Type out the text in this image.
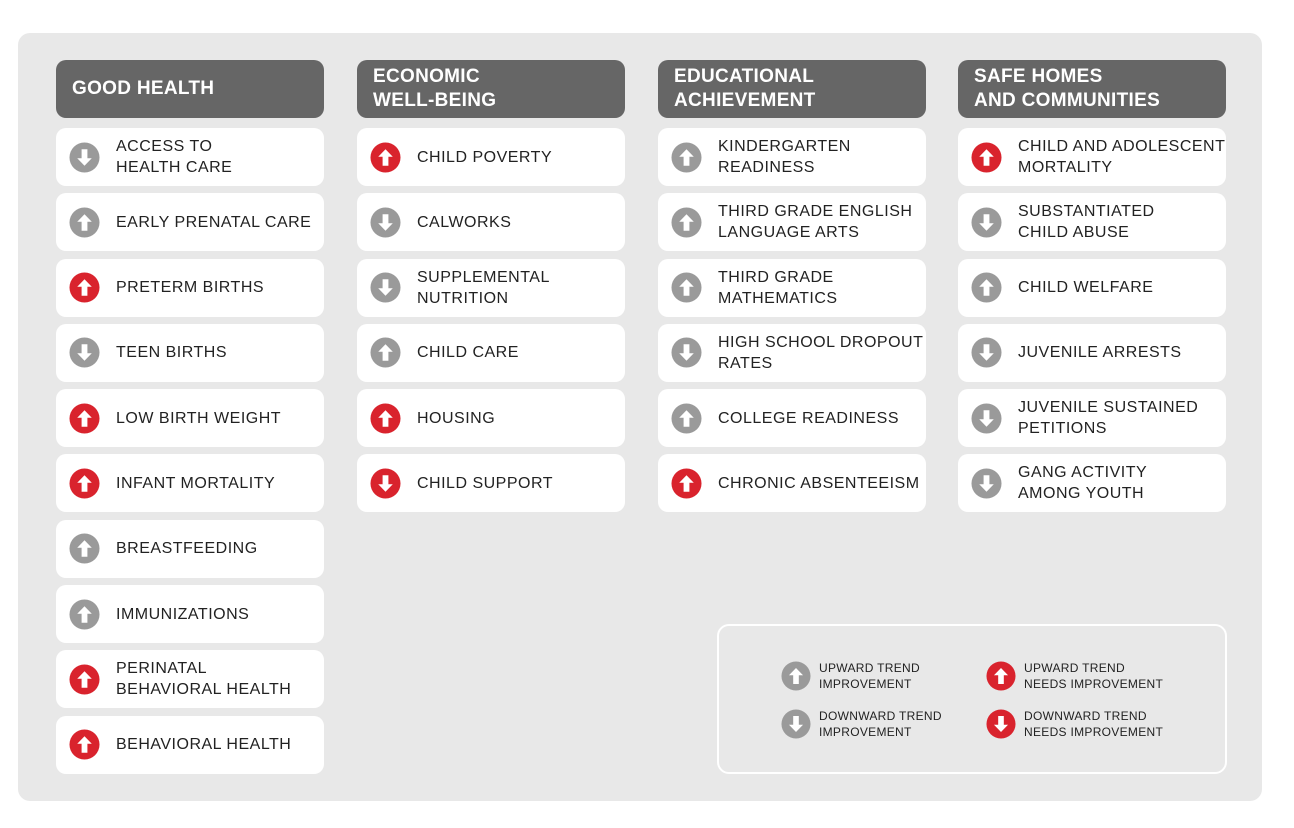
GOOD HEALTH
ACCESS TO
HEALTH CARE
EARLY PRENATAL CARE
PRETERM BIRTHS
TEEN BIRTHS
LOW BIRTH WEIGHT
INFANT MORTALITY
BREASTFEEDING
IMMUNIZATIONS
PERINATAL
BEHAVIORAL HEALTH
BEHAVIORAL HEALTH
ECONOMIC
WELL-BEING
CHILD POVERTY
CALWORKS
SUPPLEMENTAL
NUTRITION
CHILD CARE
HOUSING
CHILD SUPPORT
EDUCATIONAL
ACHIEVEMENT
KINDERGARTEN
READINESS
THIRD GRADE ENGLISH
LANGUAGE ARTS
THIRD GRADE
MATHEMATICS
HIGH SCHOOL DROPOUT
RATES
COLLEGE READINESS
CHRONIC ABSENTEEISM
SAFE HOMES
AND COMMUNITIES
CHILD AND ADOLESCENT
MORTALITY
SUBSTANTIATED
CHILD ABUSE
CHILD WELFARE
JUVENILE ARRESTS
JUVENILE SUSTAINED
PETITIONS
GANG ACTIVITY
AMONG YOUTH
UPWARD TREND
IMPROVEMENT
UPWARD TREND
NEEDS IMPROVEMENT
DOWNWARD TREND
IMPROVEMENT
DOWNWARD TREND
NEEDS IMPROVEMENT
